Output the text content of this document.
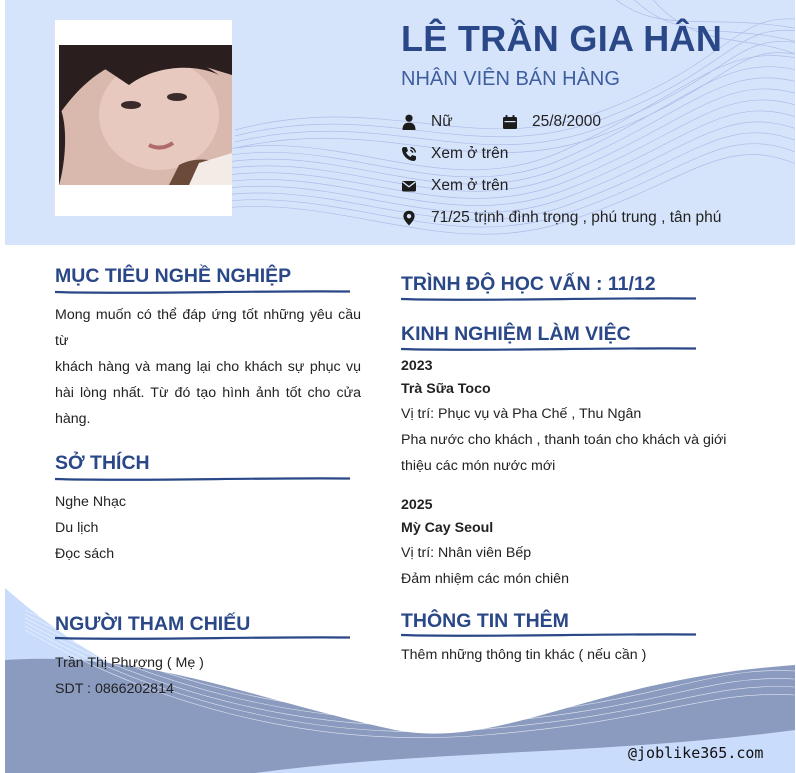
LÊ TRẦN GIA HÂN
NHÂN VIÊN BÁN HÀNG
Nữ	25/8/2000
Xem ở trên
Xem ở trên
71/25 trịnh đình trọng , phú trung , tân phú
MỤC TIÊU NGHỀ NGHIỆP
Mong muốn có thể đáp ứng tốt những yêu cầu từ
khách hàng và mang lại cho khách sự phục vụ
hài lòng nhất. Từ đó tạo hình ảnh tốt cho cửa
hàng.
SỞ THÍCH
Nghe Nhạc
Du lịch
Đọc sách
NGƯỜI THAM CHIẾU
Trần Thị Phượng ( Mẹ )
SDT : 0866202814
TRÌNH ĐỘ HỌC VẤN : 11/12
KINH NGHIỆM LÀM VIỆC
2023
Trà Sữa Toco
Vị trí: Phục vụ và Pha Chế , Thu Ngân
Pha nước cho khách , thanh toán cho khách và giới
thiệu các món nước mới
2025
Mỳ Cay Seoul
Vị trí: Nhân viên Bếp
Đảm nhiệm các món chiên
THÔNG TIN THÊM
Thêm những thông tin khác ( nếu cần )
@joblike365.com
